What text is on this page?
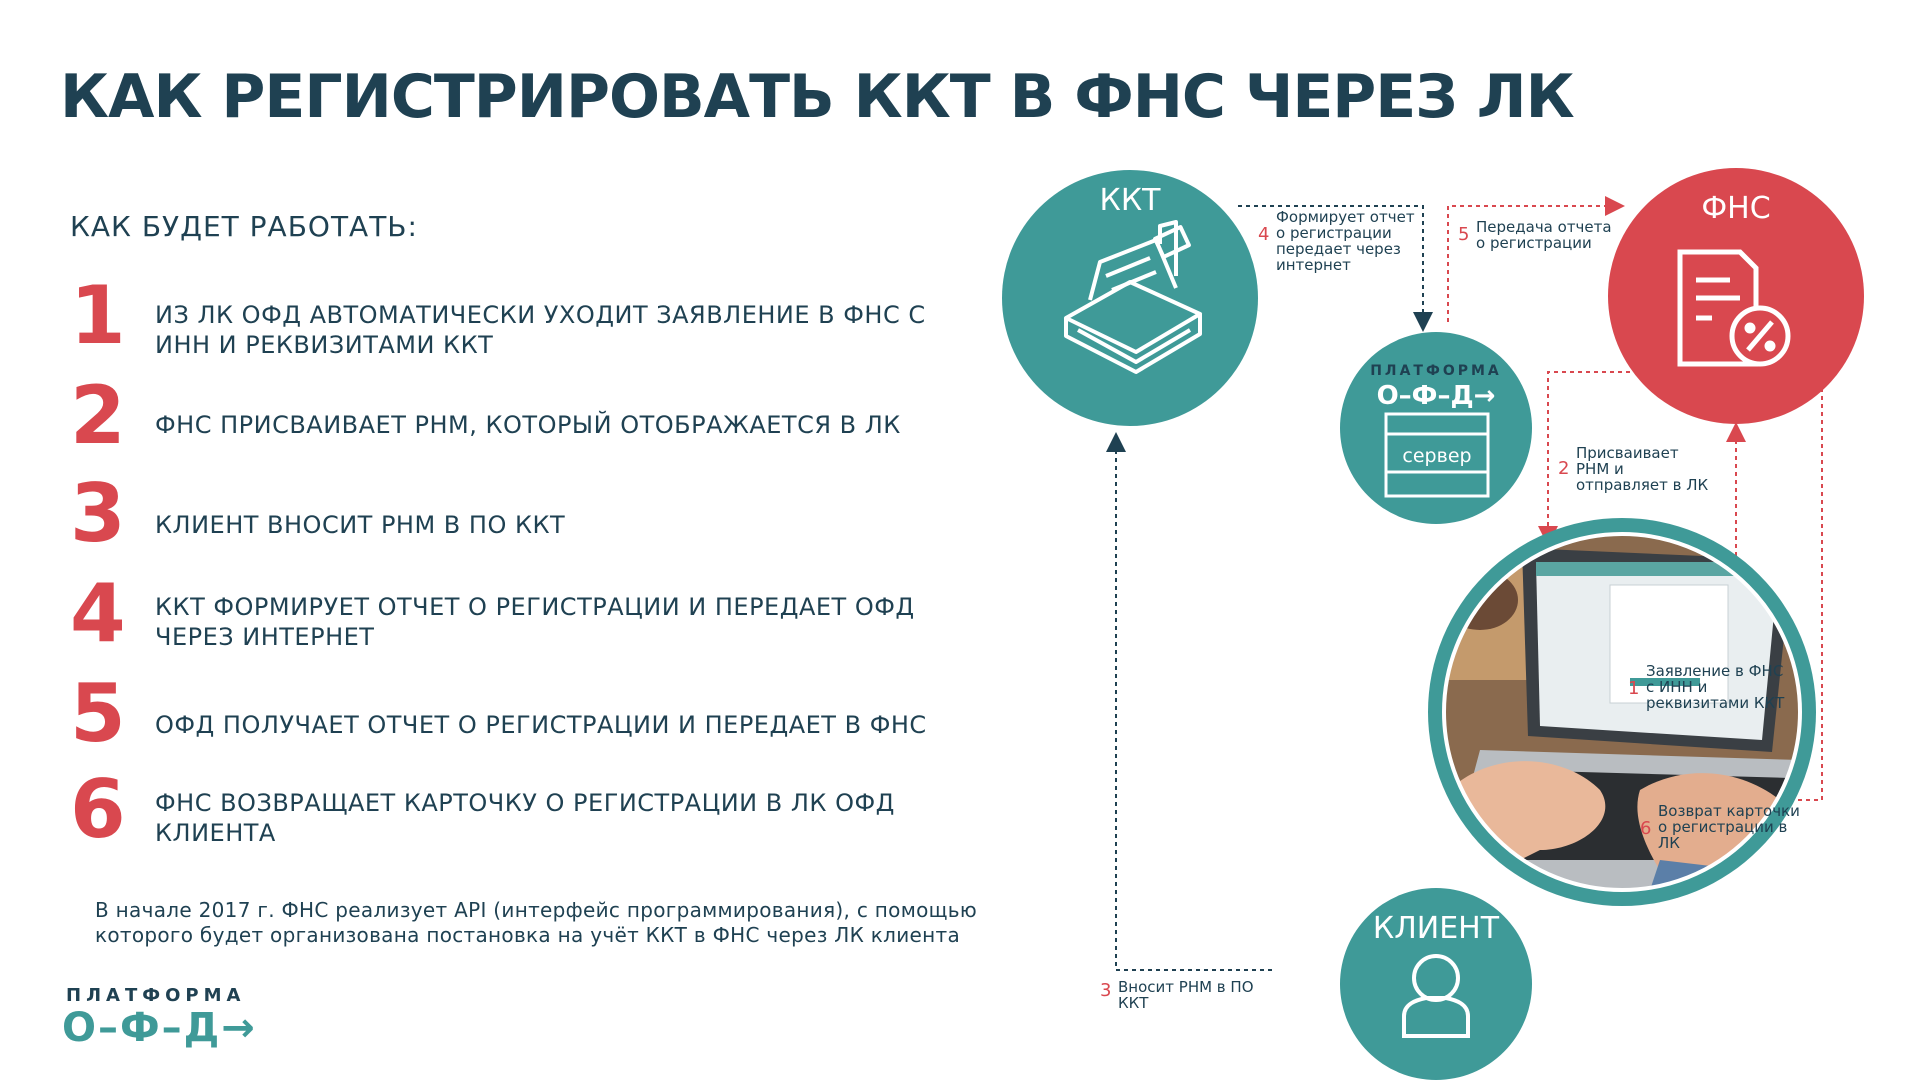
КАК РЕГИСТРИРОВАТЬ ККТ В ФНС ЧЕРЕЗ ЛК
КАК БУДЕТ РАБОТАТЬ:
1 ИЗ ЛК ОФД АВТОМАТИЧЕСКИ УХОДИТ ЗАЯВЛЕНИЕ В ФНС С ИНН И РЕКВИЗИТАМИ ККТ
2 ФНС ПРИСВАИВАЕТ РНМ, КОТОРЫЙ ОТОБРАЖАЕТСЯ В ЛК
3 КЛИЕНТ ВНОСИТ РНМ В ПО ККТ
4 ККТ ФОРМИРУЕТ ОТЧЕТ О РЕГИСТРАЦИИ И ПЕРЕДАЕТ ОФД ЧЕРЕЗ ИНТЕРНЕТ
5 ОФД ПОЛУЧАЕТ ОТЧЕТ О РЕГИСТРАЦИИ И ПЕРЕДАЕТ В ФНС
6 ФНС ВОЗВРАЩАЕТ КАРТОЧКУ О РЕГИСТРАЦИИ В ЛК ОФД КЛИЕНТА
В начале 2017 г. ФНС реализует API (интерфейс программирования), с помощью которого будет организована постановка на учёт ККТ в ФНС через ЛК клиента
ПЛАТФОРМА
О–Ф–Д→
ККТ	ФНС
ПЛАТФОРМА
О–Ф–Д→
сервер
КЛИЕНТ
4
Формирует отчет
о регистрации
передает через
интернет
5 Передача отчета
о регистрации
2
Присваивает
РНМ и
отправляет в ЛК
1
Заявление в ФНС
с ИНН и
реквизитами ККТ
6
Возврат карточки
о регистрации в
ЛК
3 Вносит РНМ в ПО
ККТ
